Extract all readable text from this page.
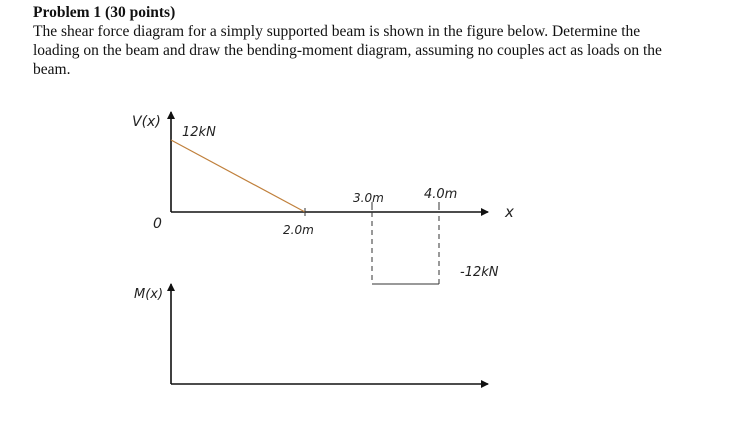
Problem 1 (30 points)

The shear force diagram for a simply supported beam is shown in the figure below. Determine the loading on the beam and draw the bending-moment diagram, assuming no couples act as loads on the beam.

V(x)
12kN
0	2.0m
3.0m	4.0m
x
-12kN
M(x)
